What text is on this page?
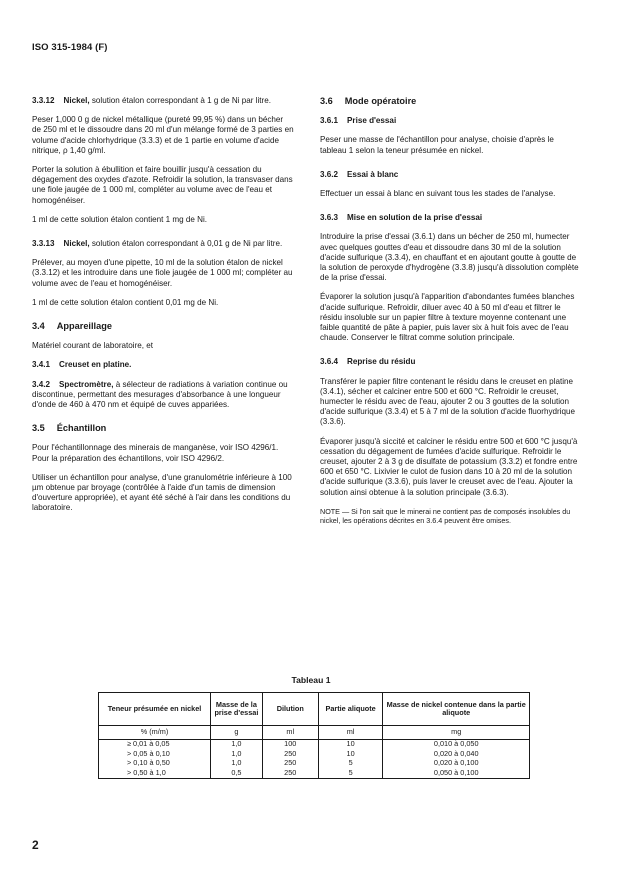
ISO 315-1984 (F)

3.3.12 Nickel, solution étalon correspondant à 1 g de Ni par litre.

Peser 1,000 0 g de nickel métallique (pureté 99,95 %) dans un bécher de 250 ml et le dissoudre dans 20 ml d'un mélange formé de 3 parties en volume d'acide chlorhydrique (3.3.3) et de 1 partie en volume d'acide nitrique, ρ 1,40 g/ml.

Porter la solution à ébullition et faire bouillir jusqu'à cessation du dégagement des oxydes d'azote. Refroidir la solution, la transvaser dans une fiole jaugée de 1 000 ml, compléter au volume avec de l'eau et homogénéiser.

1 ml de cette solution étalon contient 1 mg de Ni.

3.3.13 Nickel, solution étalon correspondant à 0,01 g de Ni par litre.

Prélever, au moyen d'une pipette, 10 ml de la solution étalon de nickel (3.3.12) et les introduire dans une fiole jaugée de 1 000 ml; compléter au volume avec de l'eau et homogénéiser.

1 ml de cette solution étalon contient 0,01 mg de Ni.

3.4 Appareillage

Matériel courant de laboratoire, et

3.4.1 Creuset en platine.

3.4.2 Spectromètre, à sélecteur de radiations à variation continue ou discontinue, permettant des mesurages d'absorbance à une longueur d'onde de 460 à 470 nm et équipé de cuves appariées.

3.5 Échantillon

Pour l'échantillonnage des minerais de manganèse, voir ISO 4296/1. Pour la préparation des échantillons, voir ISO 4296/2.

Utiliser un échantillon pour analyse, d'une granulométrie inférieure à 100 µm obtenue par broyage (contrôlée à l'aide d'un tamis de dimension d'ouverture appropriée), et ayant été séché à l'air dans les conditions du laboratoire.

3.6 Mode opératoire

3.6.1 Prise d'essai

Peser une masse de l'échantillon pour analyse, choisie d'après le tableau 1 selon la teneur présumée en nickel.

3.6.2 Essai à blanc

Effectuer un essai à blanc en suivant tous les stades de l'analyse.

3.6.3 Mise en solution de la prise d'essai

Introduire la prise d'essai (3.6.1) dans un bécher de 250 ml, humecter avec quelques gouttes d'eau et dissoudre dans 30 ml de la solution d'acide sulfurique (3.3.4), en chauffant et en ajoutant goutte à goutte de la solution de peroxyde d'hydrogène (3.3.8) jusqu'à dissolution complète de la prise d'essai.

Évaporer la solution jusqu'à l'apparition d'abondantes fumées blanches d'acide sulfurique. Refroidir, diluer avec 40 à 50 ml d'eau et filtrer le résidu insoluble sur un papier filtre à texture moyenne contenant une faible quantité de pâte à papier, puis laver six à huit fois avec de l'eau chaude. Conserver le filtrat comme solution principale.

3.6.4 Reprise du résidu

Transférer le papier filtre contenant le résidu dans le creuset en platine (3.4.1), sécher et calciner entre 500 et 600 °C. Refroidir le creuset, humecter le résidu avec de l'eau, ajouter 2 ou 3 gouttes de la solution d'acide sulfurique (3.3.4) et 5 à 7 ml de la solution d'acide fluorhydrique (3.3.6).

Évaporer jusqu'à siccité et calciner le résidu entre 500 et 600 °C jusqu'à cessation du dégagement de fumées d'acide sulfurique. Refroidir le creuset, ajouter 2 à 3 g de disulfate de potassium (3.3.2) et fondre entre 600 et 650 °C. Lixivier le culot de fusion dans 10 à 20 ml de la solution d'acide sulfurique (3.3.6), puis laver le creuset avec de l'eau. Ajouter la solution ainsi obtenue à la solution principale (3.6.3).

NOTE — Si l'on sait que le minerai ne contient pas de composés insolubles du nickel, les opérations décrites en 3.6.4 peuvent être omises.

Tableau 1
Teneur présumée en nickel	Masse de la prise d'essai	Dilution	Partie aliquote	Masse de nickel contenue dans la partie aliquote
% (m/m)	g	ml	ml	mg
≥ 0,01 à 0,05	1,0	100	10	0,010 à 0,050
> 0,05 à 0,10	1,0	250	10	0,020 à 0,040
> 0,10 à 0,50	1,0	250	5	0,020 à 0,100
> 0,50 à 1,0	0,5	250	5	0,050 à 0,100
2
